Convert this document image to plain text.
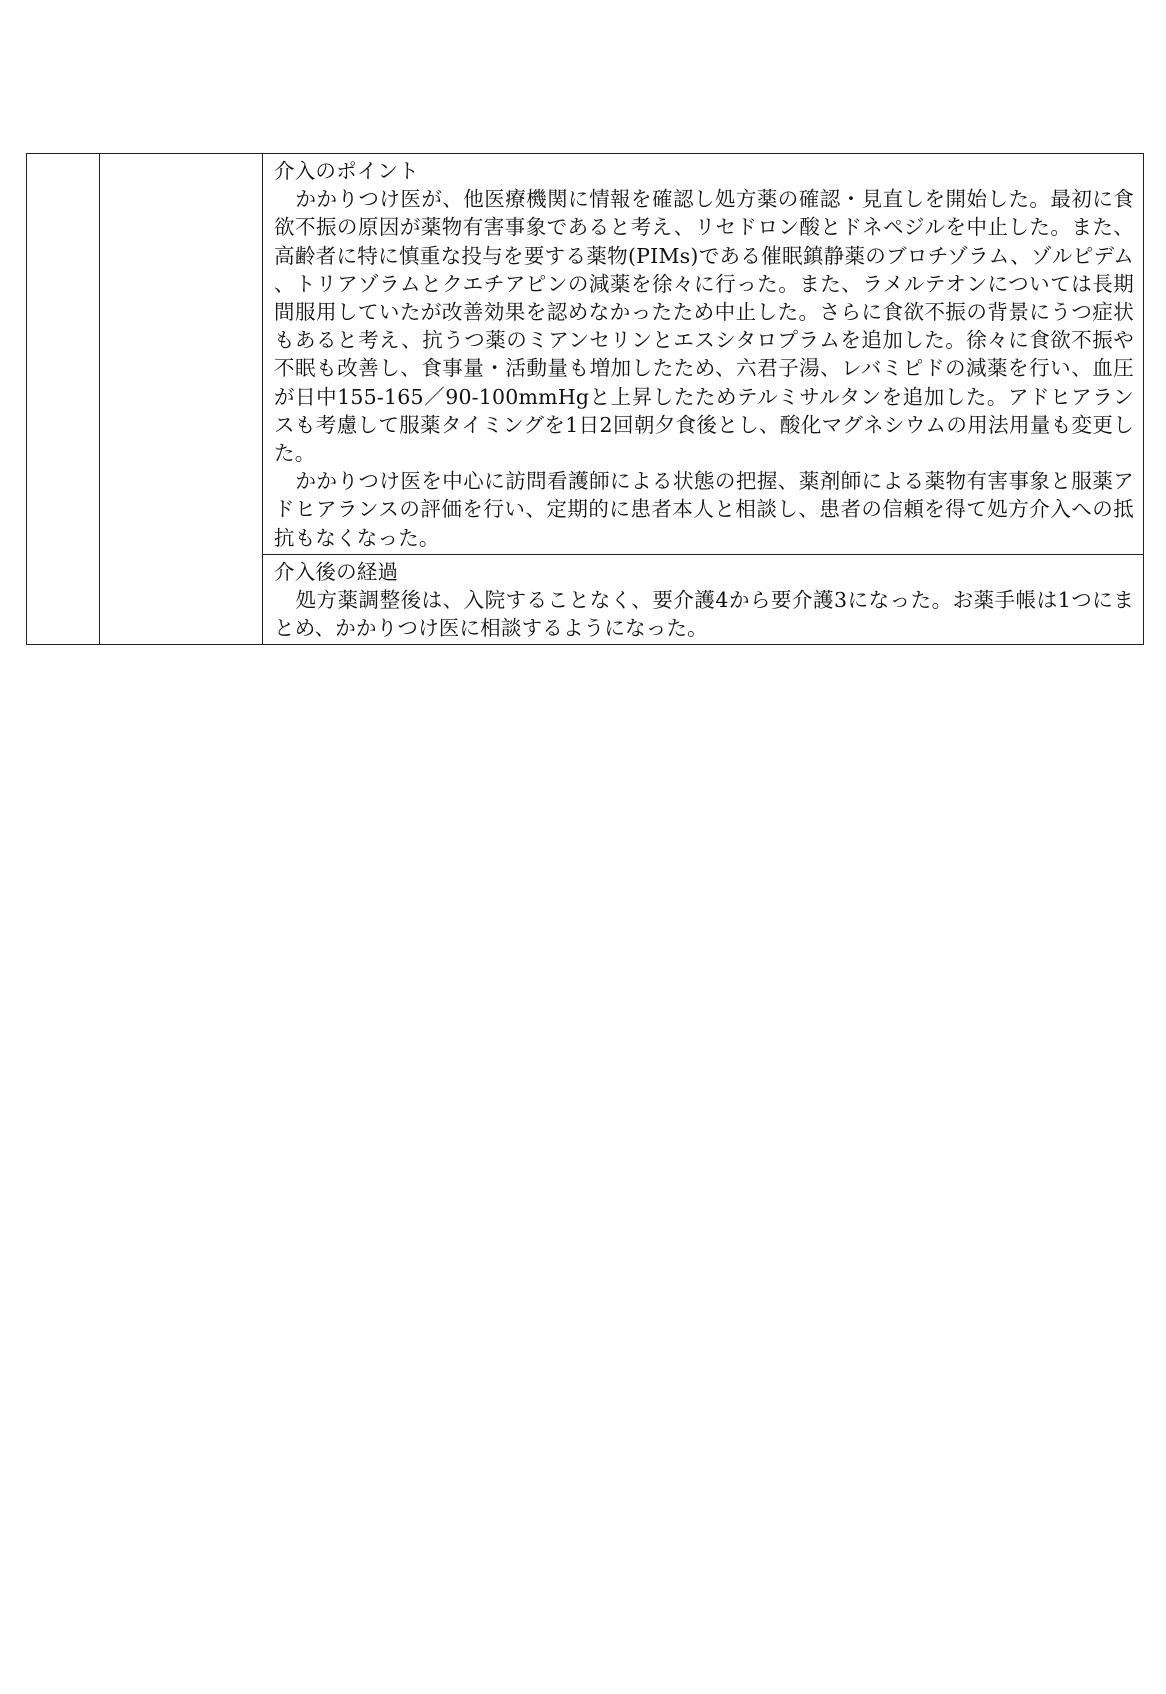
介入のポイント
かかりつけ医が、他医療機関に情報を確認し処方薬の確認・見直しを開始した。最初に食欲不振の原因が薬物有害事象であると考え、リセドロン酸とドネペジルを中止した。また、高齢者に特に慎重な投与を要する薬物(PIMs)である催眠鎮静薬のブロチゾラム、ゾルピデム、トリアゾラムとクエチアピンの減薬を徐々に行った。また、ラメルテオンについては長期間服用していたが改善効果を認めなかったため中止した。さらに食欲不振の背景にうつ症状もあると考え、抗うつ薬のミアンセリンとエスシタロプラムを追加した。徐々に食欲不振や不眠も改善し、食事量・活動量も増加したため、六君子湯、レバミピドの減薬を行い、血圧が日中155-165／90-100mmHgと上昇したためテルミサルタンを追加した。アドヒアランスも考慮して服薬タイミングを1日2回朝夕食後とし、酸化マグネシウムの用法用量も変更した。
かかりつけ医を中心に訪問看護師による状態の把握、薬剤師による薬物有害事象と服薬アドヒアランスの評価を行い、定期的に患者本人と相談し、患者の信頼を得て処方介入への抵抗もなくなった。

介入後の経過
処方薬調整後は、入院することなく、要介護4から要介護3になった。お薬手帳は1つにまとめ、かかりつけ医に相談するようになった。
